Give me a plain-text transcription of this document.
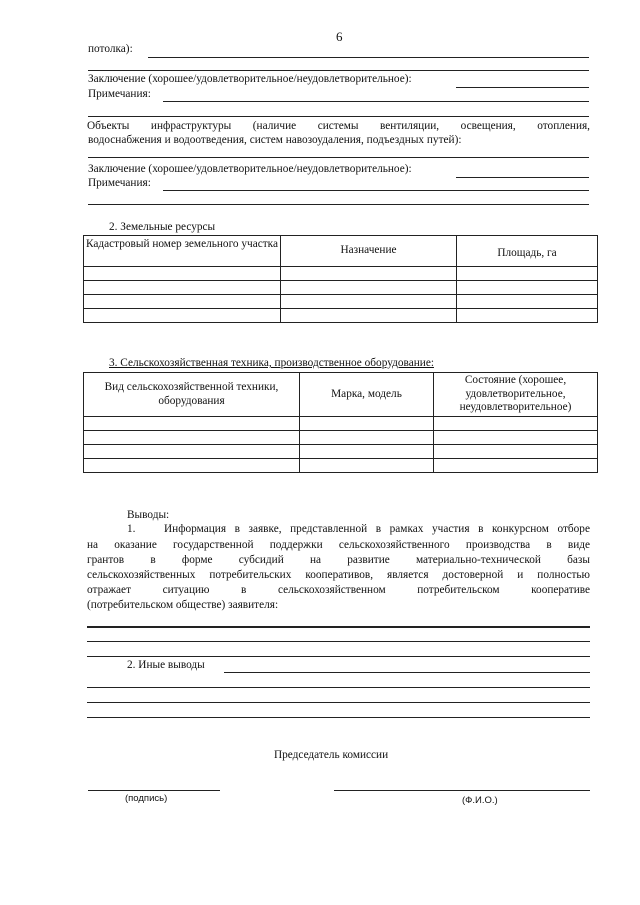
6
потолка):
Заключение (хорошее/удовлетворительное/неудовлетворительное):
Примечания:
Объекты инфраструктуры (наличие системы вентиляции, освещения, отопления,
водоснабжения и водоотведения, систем навозоудаления, подъездных путей):
Заключение (хорошее/удовлетворительное/неудовлетворительное):
Примечания:
2. Земельные ресурсы
Кадастровый номер земельного участка	Назначение	Площадь, га

3. Сельскохозяйственная техника, производственное оборудование:
Вид сельскохозяйственной техники, оборудования	Марка, модель	Состояние (хорошее, удовлетворительное, неудовлетворительное)

Выводы:
1.	Информация в заявке, представленной в рамках участия в конкурсном отборе
на оказание государственной поддержки сельскохозяйственного производства в виде
грантов в форме субсидий на развитие материально-технической базы
сельскохозяйственных потребительских кооперативов, является достоверной и полностью
отражает	ситуацию	в	сельскохозяйственном	потребительском	кооперативе
(потребительском обществе) заявителя:
2. Иные выводы
Председатель комиссии
(подпись)	(Ф.И.О.)
